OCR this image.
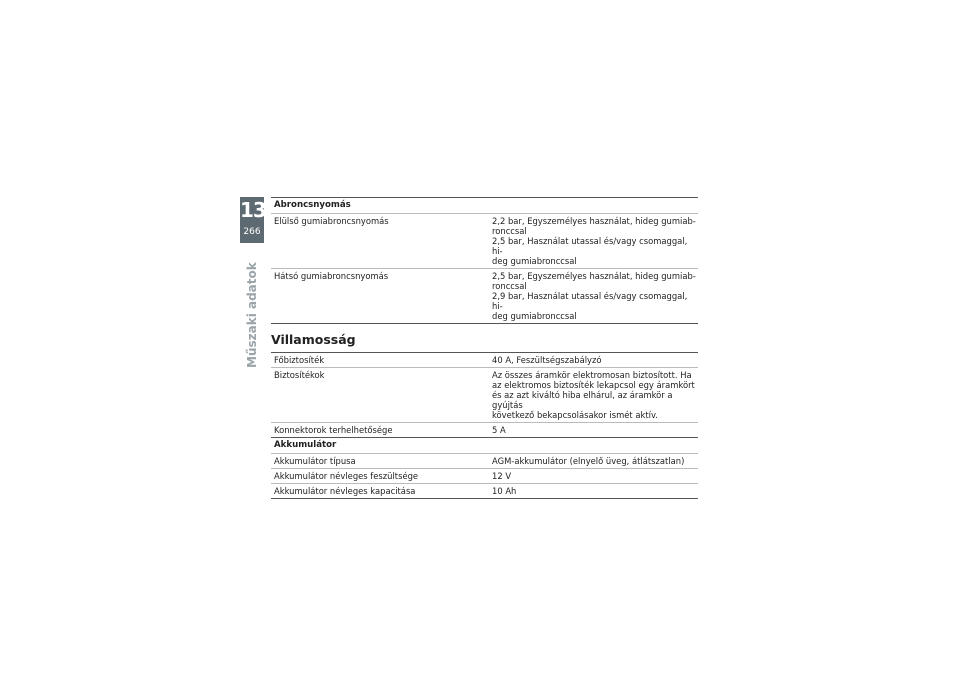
13
266
Műszaki adatok
Abroncsnyomás
Elülső gumiabroncsnyomás	2,2 bar, Egyszemélyes használat, hideg gumiab-
ronccsal
2,5 bar, Használat utassal és/vagy csomaggal, hi-
deg gumiabronccsal
Hátsó gumiabroncsnyomás	2,5 bar, Egyszemélyes használat, hideg gumiab-
ronccsal
2,9 bar, Használat utassal és/vagy csomaggal, hi-
deg gumiabronccsal
Villamosság
Főbiztosíték	40 A, Feszültségszabályzó
Biztosítékok	Az összes áramkör elektromosan biztosított. Ha
az elektromos biztosíték lekapcsol egy áramkört
és az azt kiváltó hiba elhárul, az áramkör a gyújtás
következő bekapcsolásakor ismét aktív.
Konnektorok terhelhetősége	5 A
Akkumulátor
Akkumulátor típusa	AGM-akkumulátor (elnyelő üveg, átlátszatlan)
Akkumulátor névleges feszültsége	12 V
Akkumulátor névleges kapacitása	10 Ah
